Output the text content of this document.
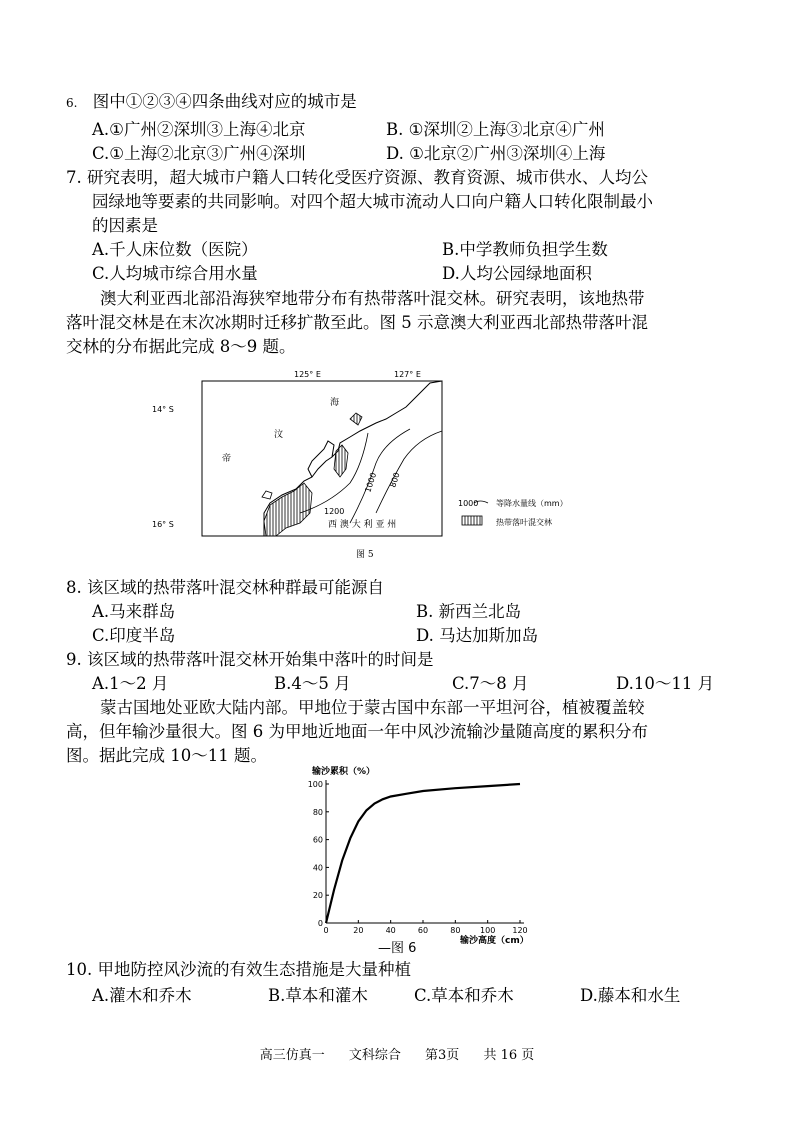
6. 图中①②③④四条曲线对应的城市是
A.①广州②深圳③上海④北京	B. ①深圳②上海③北京④广州
C.①上海②北京③广州④深圳	D. ①北京②广州③深圳④上海
7. 研究表明，超大城市户籍人口转化受医疗资源、教育资源、城市供水、人均公
园绿地等要素的共同影响。对四个超大城市流动人口向户籍人口转化限制最小
的因素是
A.千人床位数（医院）	B.中学教师负担学生数
C.人均城市综合用水量	D.人均公园绿地面积
澳大利亚西北部沿海狭窄地带分布有热带落叶混交林。研究表明，该地热带
落叶混交林是在末次冰期时迁移扩散至此。图 5 示意澳大利亚西北部热带落叶混
交林的分布据此完成 8～9 题。
125° E	127° E
海
汶
帝
14° S
16° S
1200
1000 800
西 澳 大 利 亚 州
1000 等降水量线（mm）
热带落叶混交林
图 5
8. 该区域的热带落叶混交林种群最可能源自
A.马来群岛	B. 新西兰北岛
C.印度半岛	D. 马达加斯加岛
9. 该区域的热带落叶混交林开始集中落叶的时间是
A.1～2 月	B.4～5 月	C.7～8 月	D.10～11 月
蒙古国地处亚欧大陆内部。甲地位于蒙古国中东部一平坦河谷，植被覆盖较
高，但年输沙量很大。图 6 为甲地近地面一年中风沙流输沙量随高度的累积分布
图。据此完成 10～11 题。
输沙累积（%）
0
20
40
60
80
100
0	20	40	60	80 100 120
输沙高度（cm）
—图 6
10. 甲地防控风沙流的有效生态措施是大量种植
A.灌木和乔木	B.草本和灌木	C.草本和乔木	D.藤本和水生
高三仿真一 文科综合 第3页 共 16 页
